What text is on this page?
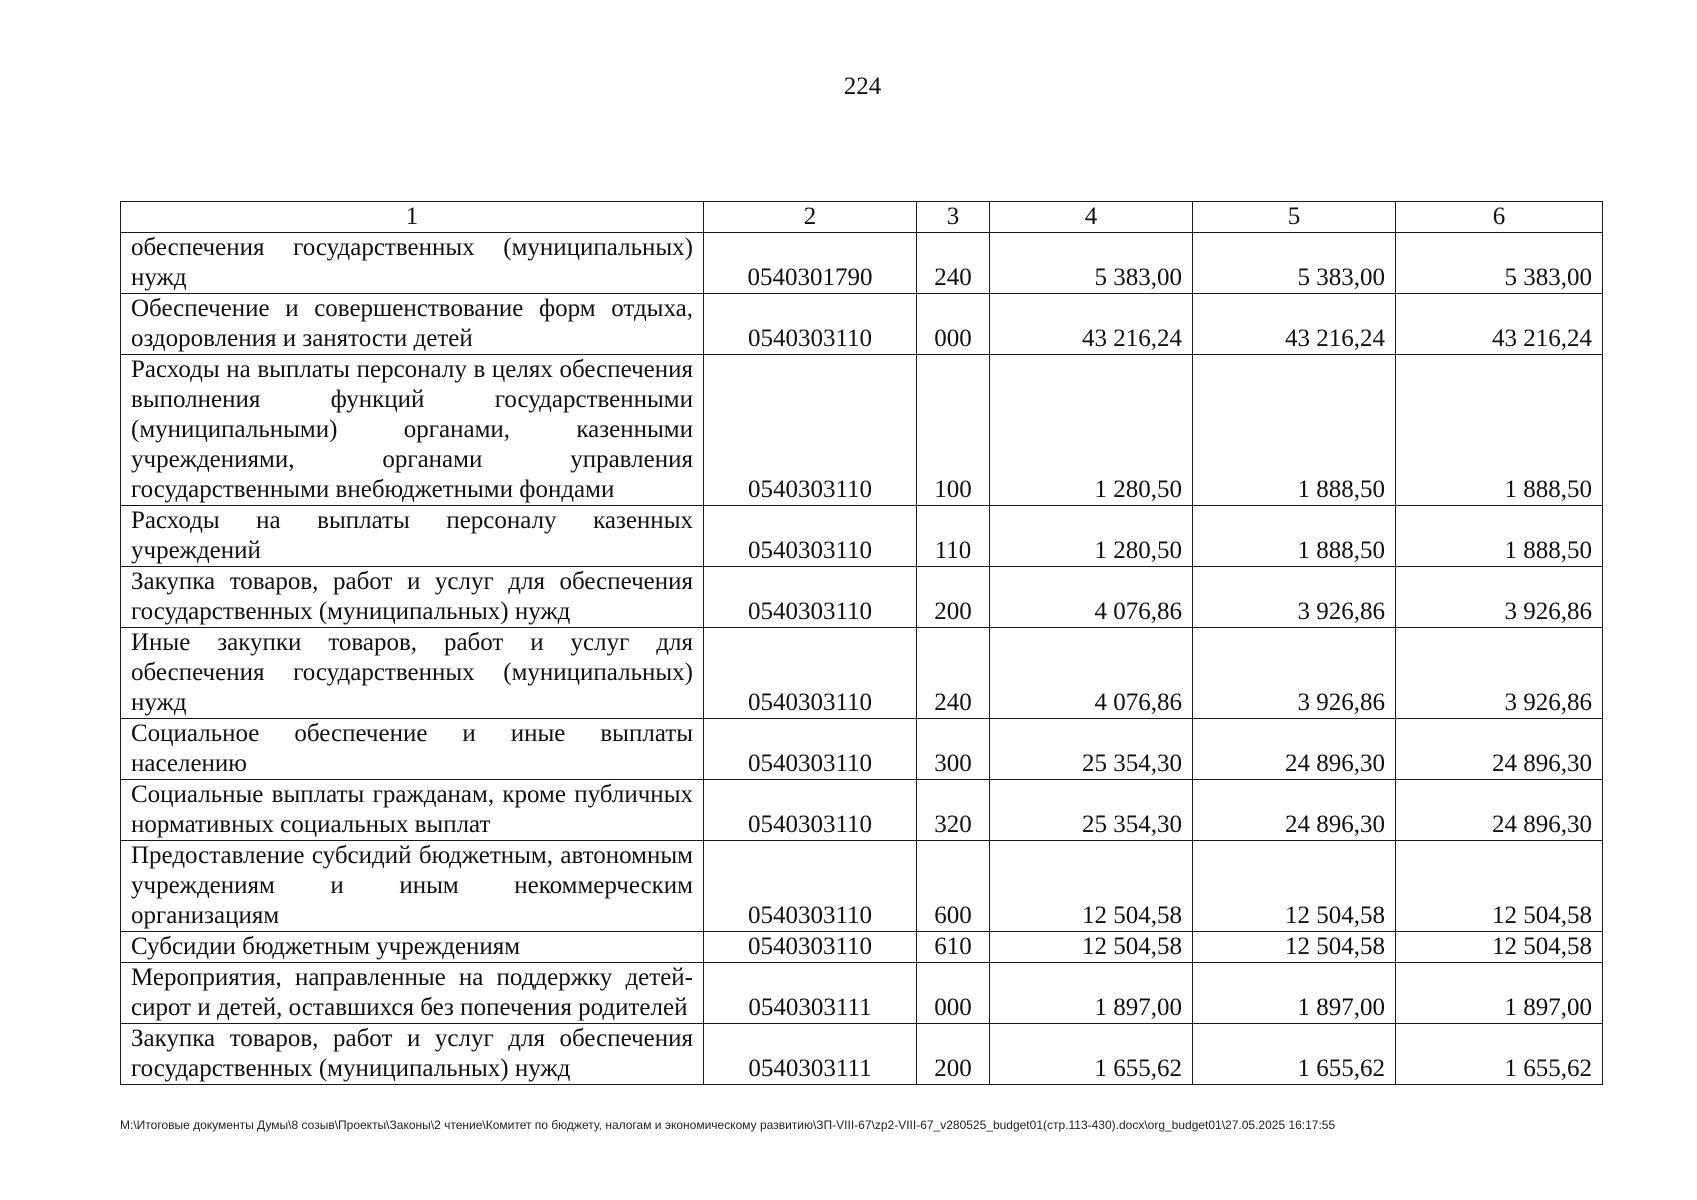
224
1	2	3	4	5	6
обеспечения государственных (муниципальных) нужд	0540301790	240	5 383,00	5 383,00	5 383,00
Обеспечение и совершенствование форм отдыха, оздоровления и занятости детей	0540303110	000	43 216,24	43 216,24	43 216,24
Расходы на выплаты персоналу в целях обеспечения выполнения функций государственными (муниципальными) органами, казенными учреждениями, органами управления государственными внебюджетными фондами	0540303110	100	1 280,50	1 888,50	1 888,50
Расходы на выплаты персоналу казенных учреждений	0540303110	110	1 280,50	1 888,50	1 888,50
Закупка товаров, работ и услуг для обеспечения государственных (муниципальных) нужд	0540303110	200	4 076,86	3 926,86	3 926,86
Иные закупки товаров, работ и услуг для обеспечения государственных (муниципальных) нужд	0540303110	240	4 076,86	3 926,86	3 926,86
Социальное обеспечение и иные выплаты населению	0540303110	300	25 354,30	24 896,30	24 896,30
Социальные выплаты гражданам, кроме публичных нормативных социальных выплат	0540303110	320	25 354,30	24 896,30	24 896,30
Предоставление субсидий бюджетным, автономным учреждениям и иным некоммерческим организациям	0540303110	600	12 504,58	12 504,58	12 504,58
Субсидии бюджетным учреждениям	0540303110	610	12 504,58	12 504,58	12 504,58
Мероприятия, направленные на поддержку детей-сирот и детей, оставшихся без попечения родителей	0540303111	000	1 897,00	1 897,00	1 897,00
Закупка товаров, работ и услуг для обеспечения государственных (муниципальных) нужд	0540303111	200	1 655,62	1 655,62	1 655,62
М:\Итоговые документы Думы\8 созыв\Проекты\Законы\2 чтение\Комитет по бюджету, налогам и экономическому развитию\ЗП-VIII-67\zp2-VIII-67_v280525_budget01(стр.113-430).docx\org_budget01\27.05.2025 16:17:55
